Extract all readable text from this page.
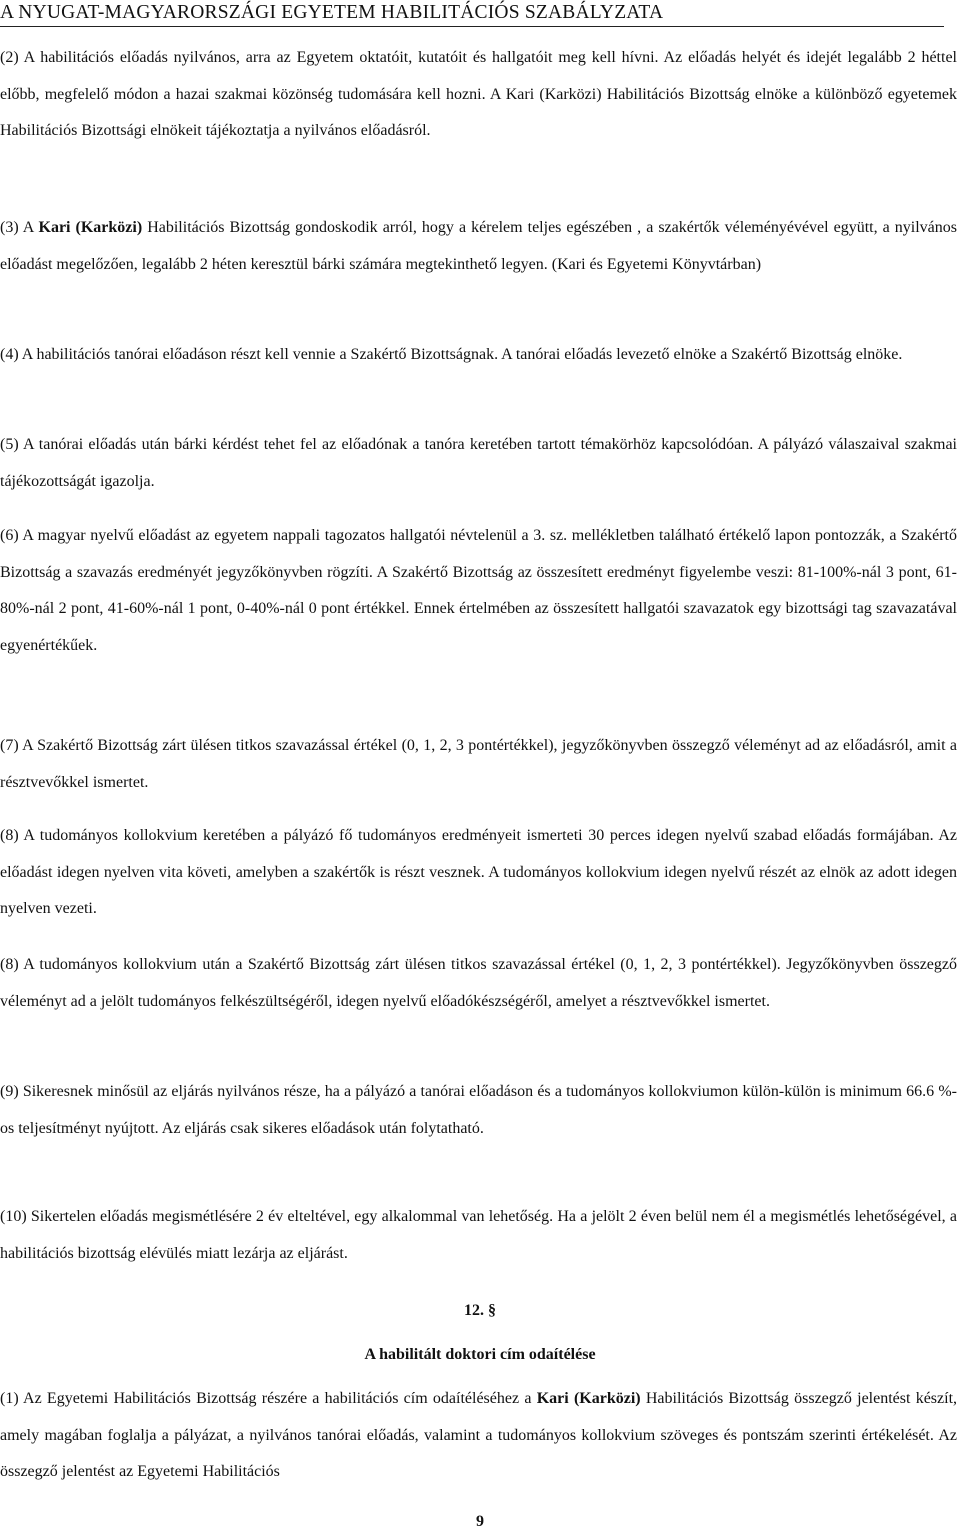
A NYUGAT-MAGYARORSZÁGI EGYETEM HABILITÁCIÓS SZABÁLYZATA
(2) A habilitációs előadás nyilvános, arra az Egyetem oktatóit, kutatóit és hallgatóit meg kell hívni. Az előadás helyét és idejét legalább 2 héttel előbb, megfelelő módon a hazai szakmai közönség tudomására kell hozni. A Kari (Karközi) Habilitációs Bizottság elnöke a különböző egyetemek Habilitációs Bizottsági elnökeit tájékoztatja a nyilvános előadásról.
(3) A Kari (Karközi) Habilitációs Bizottság gondoskodik arról, hogy a kérelem teljes egészében , a szakértők véleményévével együtt, a nyilvános előadást megelőzően, legalább 2 héten keresztül bárki számára megtekinthető legyen. (Kari és Egyetemi Könyvtárban)
(4) A habilitációs tanórai előadáson részt kell vennie a Szakértő Bizottságnak. A tanórai előadás levezető elnöke a Szakértő Bizottság elnöke.
(5) A tanórai előadás után bárki kérdést tehet fel az előadónak a tanóra keretében tartott témakörhöz kapcsolódóan. A pályázó válaszaival szakmai tájékozottságát igazolja.
(6) A magyar nyelvű előadást az egyetem nappali tagozatos hallgatói névtelenül a 3. sz. mellékletben található értékelő lapon pontozzák, a Szakértő Bizottság a szavazás eredményét jegyzőkönyvben rögzíti. A Szakértő Bizottság az összesített eredményt figyelembe veszi: 81-100%-nál 3 pont, 61-80%-nál 2 pont, 41-60%-nál 1 pont, 0-40%-nál 0 pont értékkel. Ennek értelmében az összesített hallgatói szavazatok egy bizottsági tag szavazatával egyenértékűek.
(7) A Szakértő Bizottság zárt ülésen titkos szavazással értékel (0, 1, 2, 3 pontértékkel), jegyzőkönyvben összegző véleményt ad az előadásról, amit a résztvevőkkel ismertet.
(8) A tudományos kollokvium keretében a pályázó fő tudományos eredményeit ismerteti 30 perces idegen nyelvű szabad előadás formájában. Az előadást idegen nyelven vita követi, amelyben a szakértők is részt vesznek. A tudományos kollokvium idegen nyelvű részét az elnök az adott idegen nyelven vezeti.
(8) A tudományos kollokvium után a Szakértő Bizottság zárt ülésen titkos szavazással értékel (0, 1, 2, 3 pontértékkel). Jegyzőkönyvben összegző véleményt ad a jelölt tudományos felkészültségéről, idegen nyelvű előadókészségéről, amelyet a résztvevőkkel ismertet.
(9) Sikeresnek minősül az eljárás nyilvános része, ha a pályázó a tanórai előadáson és a tudományos kollokviumon külön-külön is minimum 66.6 %-os teljesítményt nyújtott. Az eljárás csak sikeres előadások után folytatható.
(10) Sikertelen előadás megismétlésére 2 év elteltével, egy alkalommal van lehetőség. Ha a jelölt 2 éven belül nem él a megismétlés lehetőségével, a habilitációs bizottság elévülés miatt lezárja az eljárást.
12. §
A habilitált doktori cím odaítélése
(1) Az Egyetemi Habilitációs Bizottság részére a habilitációs cím odaítéléséhez a Kari (Karközi) Habilitációs Bizottság összegző jelentést készít, amely magában foglalja a pályázat, a nyilvános tanórai előadás, valamint a tudományos kollokvium szöveges és pontszám szerinti értékelését. Az összegző jelentést az Egyetemi Habilitációs
9
